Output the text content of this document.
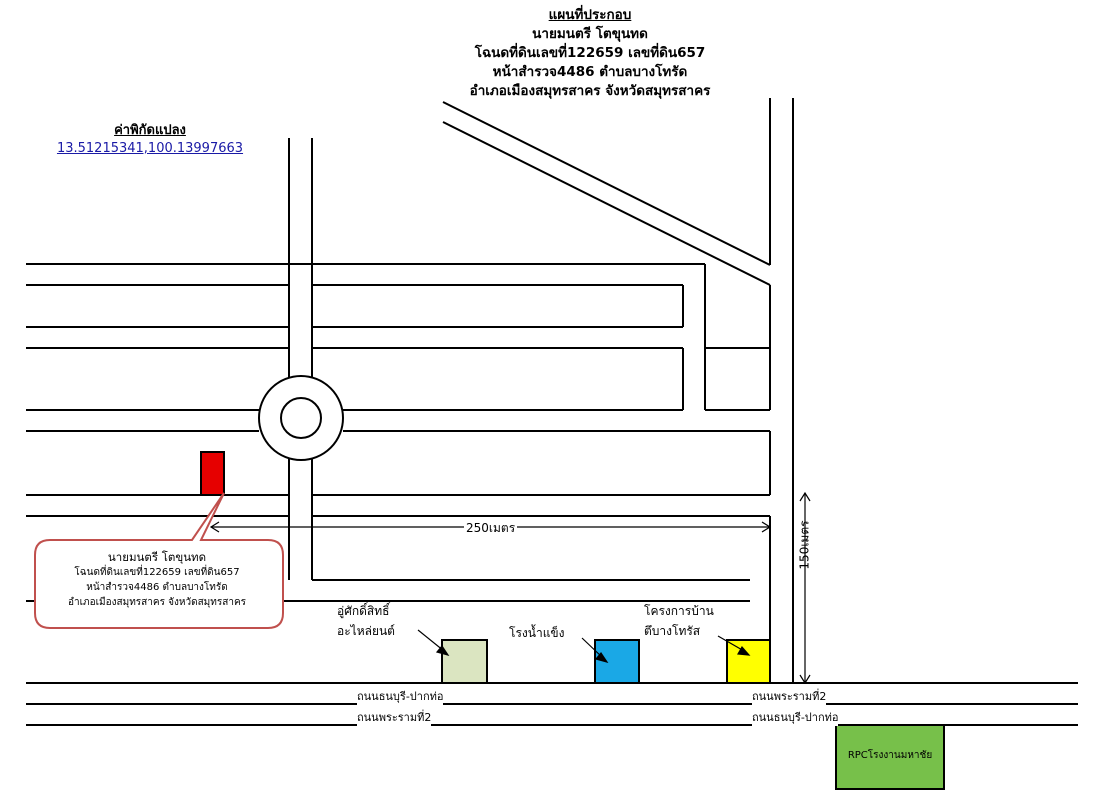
แผนที่ประกอบ
นายมนตรี โตขุนทด
โฉนดที่ดินเลขที่122659 เลขที่ดิน657
หน้าสำรวจ4486 ตำบลบางโทรัด
อำเภอเมืองสมุทรสาคร จังหวัดสมุทรสาคร
ค่าพิกัดแปลง
13.51215341,100.13997663
นายมนตรี โตขุนทด
โฉนดที่ดินเลขที่122659 เลขที่ดิน657
หน้าสำรวจ4486 ตำบลบางโทรัด
อำเภอเมืองสมุทรสาคร จังหวัดสมุทรสาคร
250เมตร	150เมตร
อู่ศักดิ์สิทธิ์
อะไหล่ยนต์	โรงน้ำแข็ง
โครงการบ้าน
ตึบางโทรัส
RPCโรงงานมหาชัย
ถนนธนบุรี-ปากท่อ
ถนนพระรามที่2
ถนนพระรามที่2
ถนนธนบุรี-ปากท่อ
